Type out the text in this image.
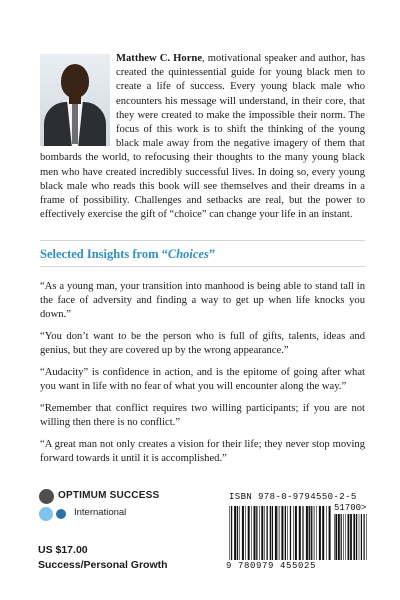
Matthew C. Horne, motivational speaker and author, has created the quintessential guide for young black men to create a life of success. Every young black male who encounters his message will understand, in their core, that they were created to make the impossible their norm. The focus of this work is to shift the thinking of the young black male away from the negative imagery of them that bombards the world, to refocusing their thoughts to the many young black men who have created incredibly successful lives. In doing so, every young black male who reads this book will see themselves and their dreams in a frame of possibility. Challenges and setbacks are real, but the power to effectively exercise the gift of “choice” can change your life in an instant.
Selected Insights from “Choices”

“As a young man, your transition into manhood is being able to stand tall in the face of adversity and finding a way to get up when life knocks you down.”

“You don’t want to be the person who is full of gifts, talents, ideas and genius, but they are covered up by the wrong appearance.”

“Audacity” is confidence in action, and is the epitome of going after what you want in life with no fear of what you will encounter along the way.”

“Remember that conflict requires two willing participants; if you are not willing then there is no conflict.”

“A great man not only creates a vision for their life; they never stop moving forward towards it until it is accomplished.”

OPTIMUM SUCCESS
International
US $17.00
Success/Personal Growth
ISBN 978-0-9794550-2-5
51700>
9 780979 455025
